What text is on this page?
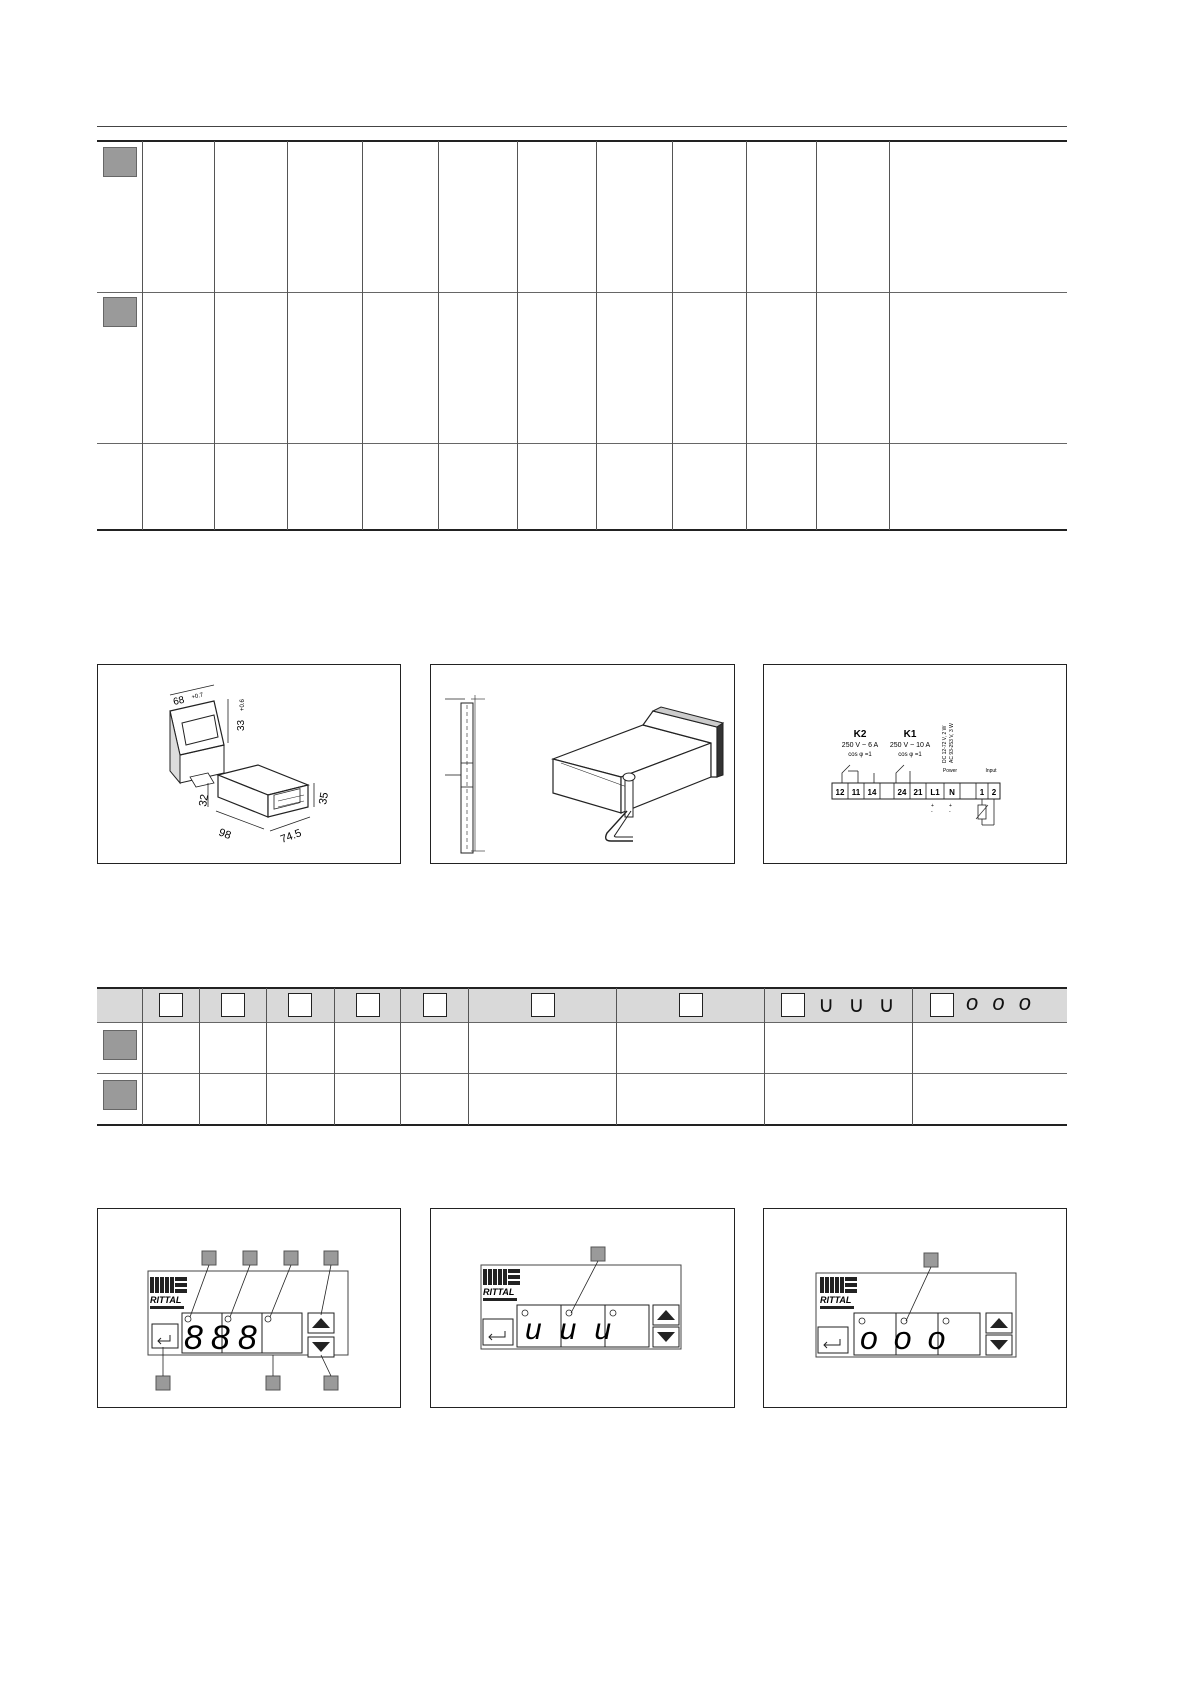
68 +0.7
33
+0.6
32	35
98	74.5
K2
250 V ~ 6 A
cos φ =1
K1
250 V ~ 10 A
cos φ =1	DC 12-72 V, 2 W AC 93-253 V, 3 W
Power	Input
12 11 14	24 21 L1 N	1 2
+
-
+
-
∪ ∪ ∪	o o o
RITTAL
888
RITTAL
uuu
RITTAL
ooo
